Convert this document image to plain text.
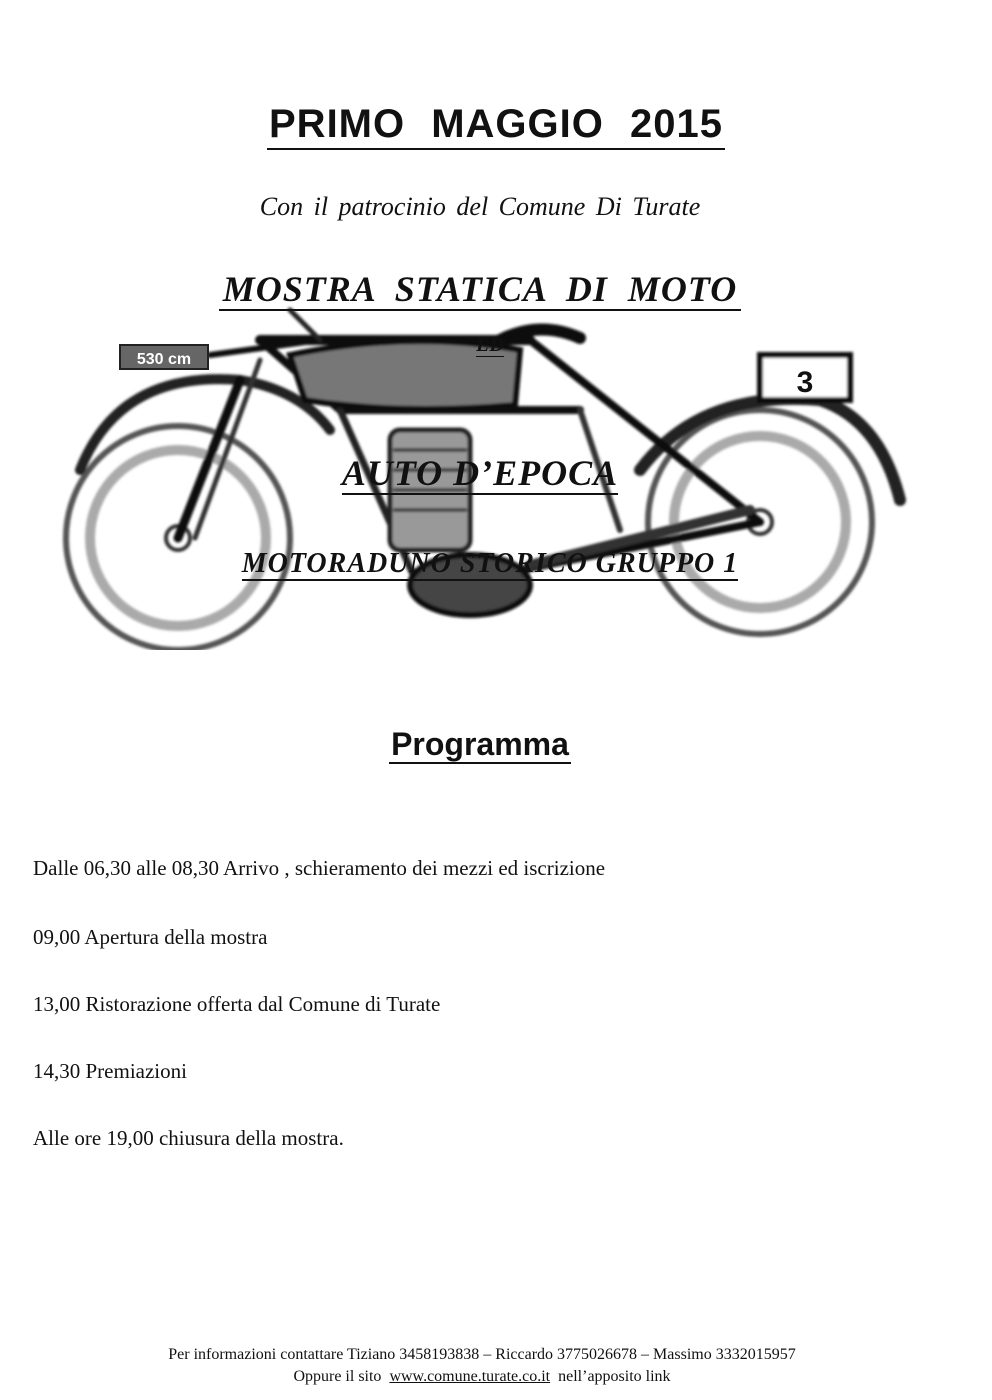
PRIMO MAGGIO 2015
Con il patrocinio del Comune Di Turate
530 cm
3
MOSTRA STATICA DI MOTO
ED
AUTO D’EPOCA
MOTORADUNO STORICO GRUPPO 1
Programma
Dalle 06,30 alle 08,30 Arrivo , schieramento dei mezzi ed iscrizione
09,00 Apertura della mostra
13,00 Ristorazione offerta dal Comune di Turate
14,30 Premiazioni
Alle ore 19,00 chiusura della mostra.
Per informazioni contattare Tiziano 3458193838 – Riccardo 3775026678 – Massimo 3332015957
Oppure il sito www.comune.turate.co.it nell’apposito link
